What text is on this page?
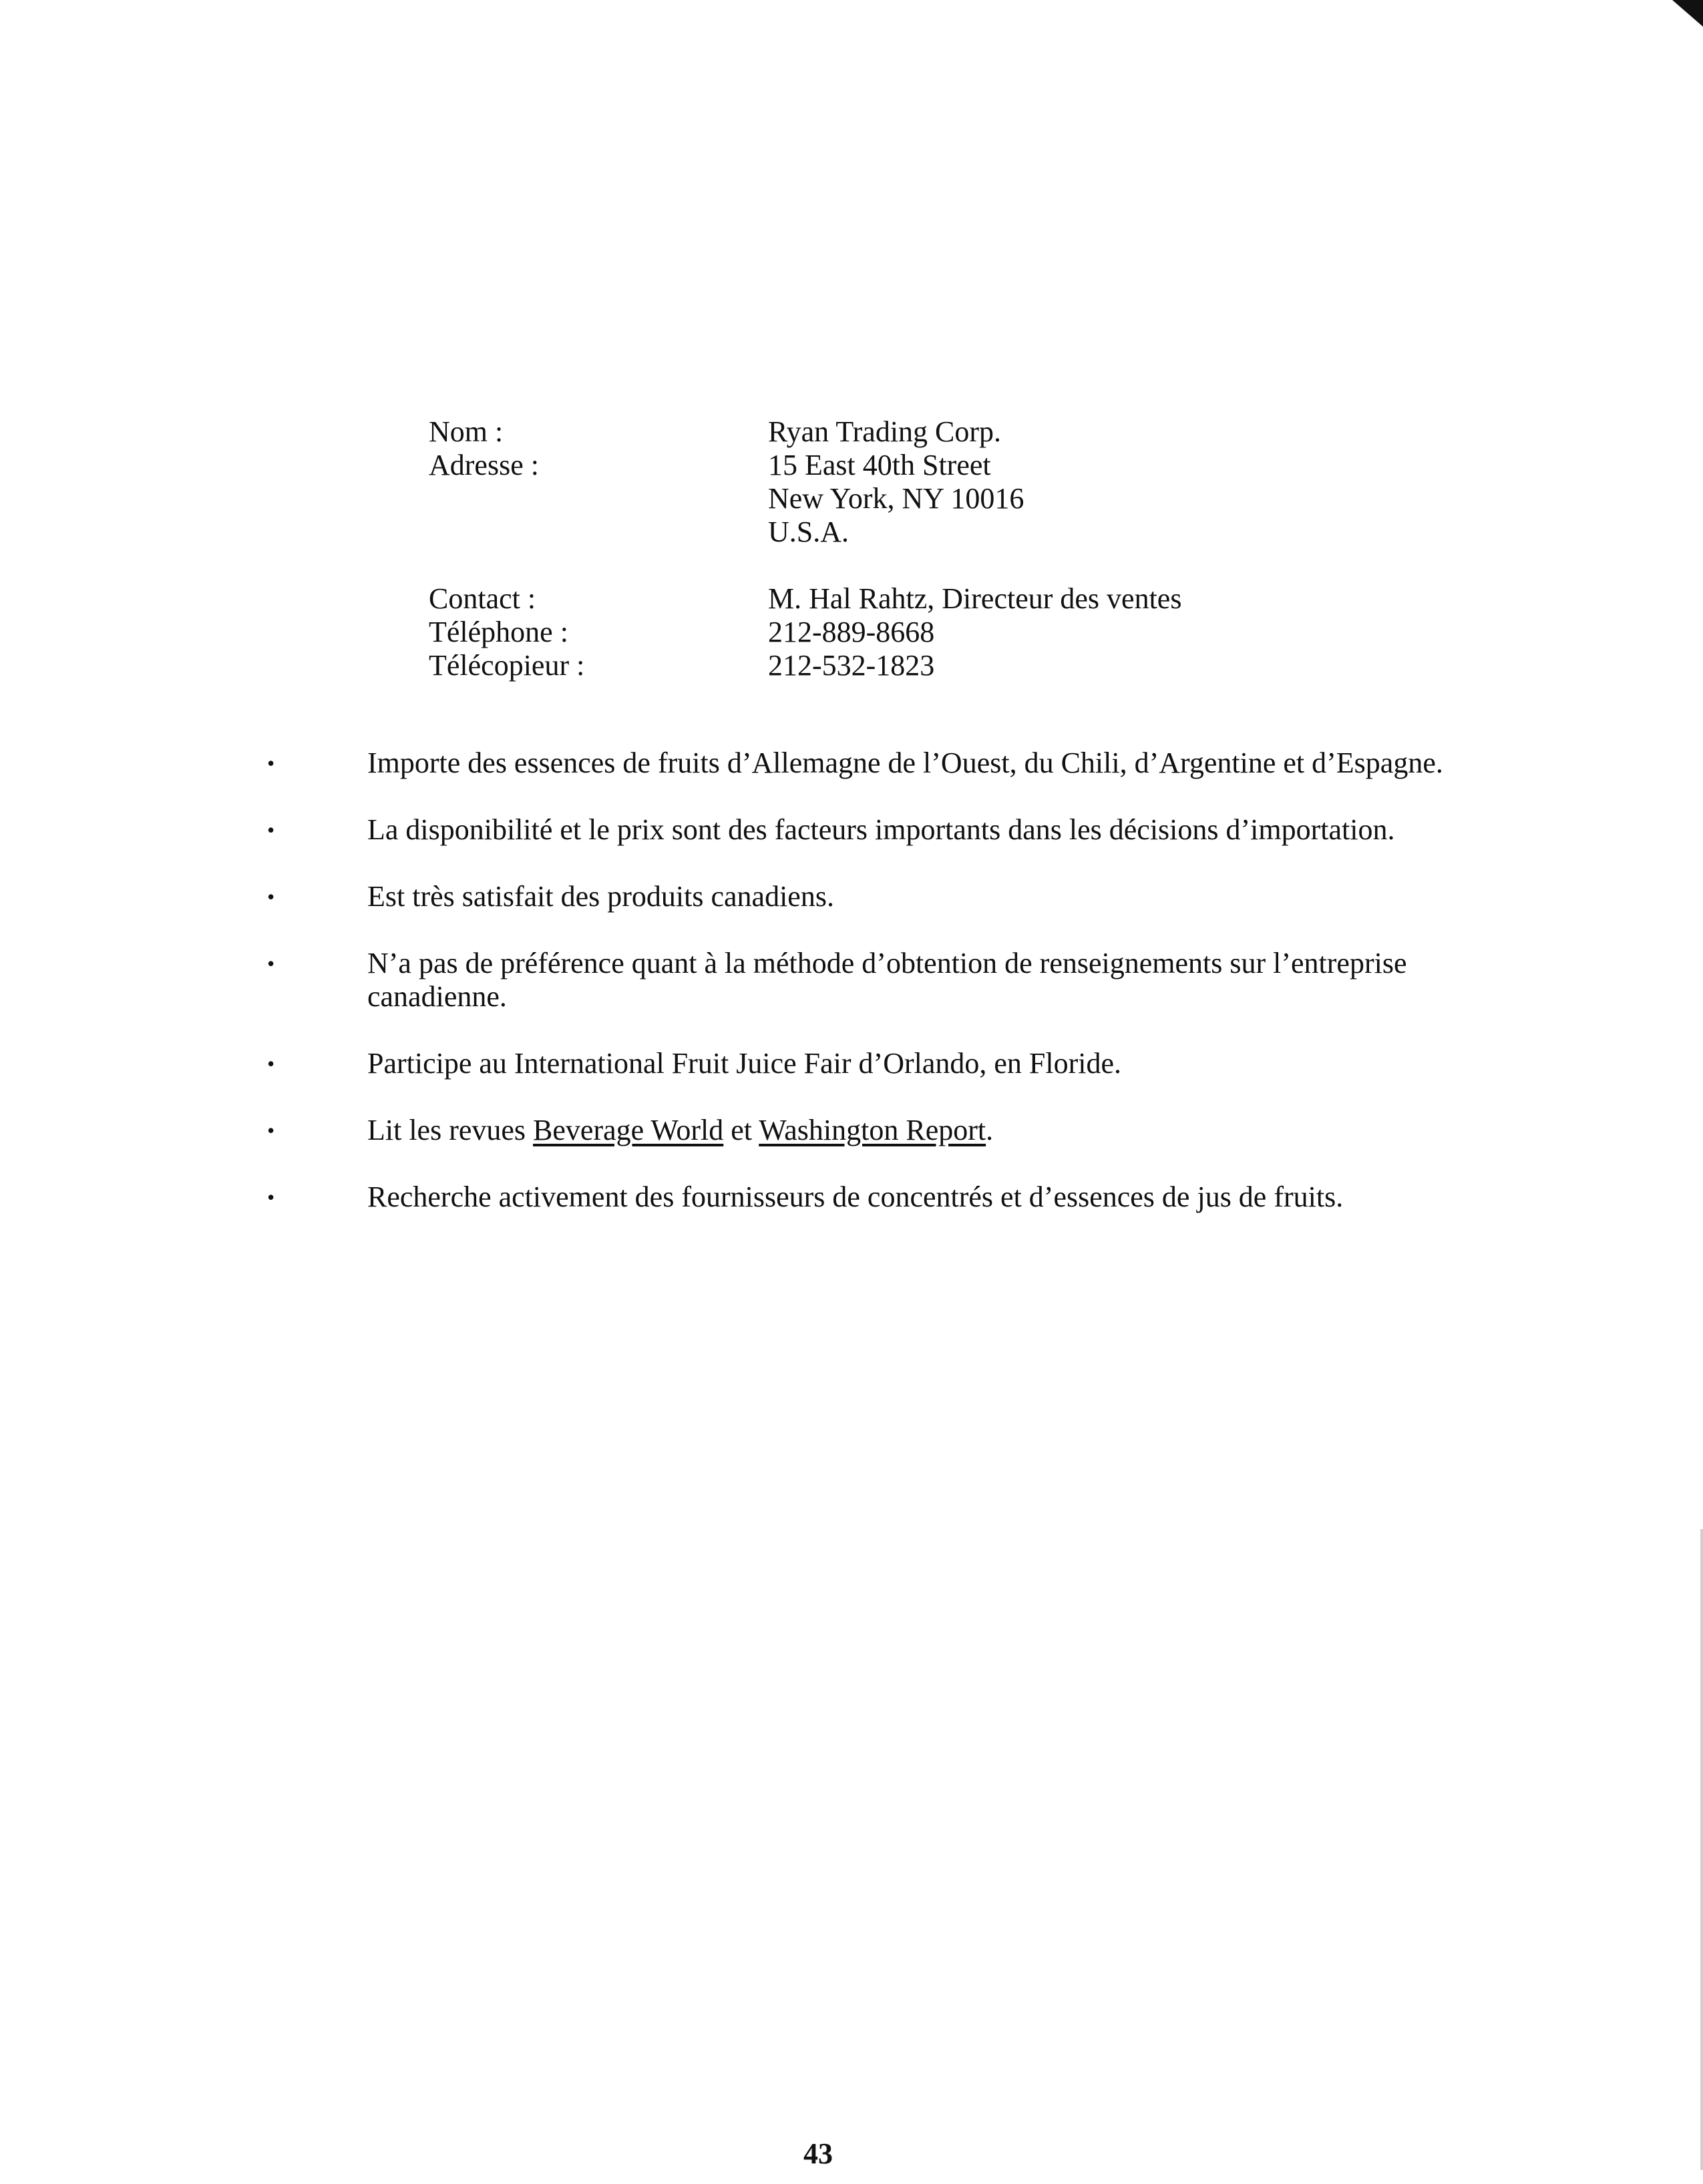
Nom :	Ryan Trading Corp.
Adresse :	15 East 40th Street
New York, NY 10016
U.S.A.
Contact :	M. Hal Rahtz, Directeur des ventes
Téléphone :	212-889-8668
Télécopieur :	212-532-1823
•	Importe des essences de fruits d’Allemagne de l’Ouest, du Chili, d’Argentine et d’Espagne.
•	La disponibilité et le prix sont des facteurs importants dans les décisions d’importation.
•	Est très satisfait des produits canadiens.
•	N’a pas de préférence quant à la méthode d’obtention de renseignements sur l’entreprise canadienne.
•	Participe au International Fruit Juice Fair d’Orlando, en Floride.
•	Lit les revues Beverage World et Washington Report.
•	Recherche activement des fournisseurs de concentrés et d’essences de jus de fruits.
43
